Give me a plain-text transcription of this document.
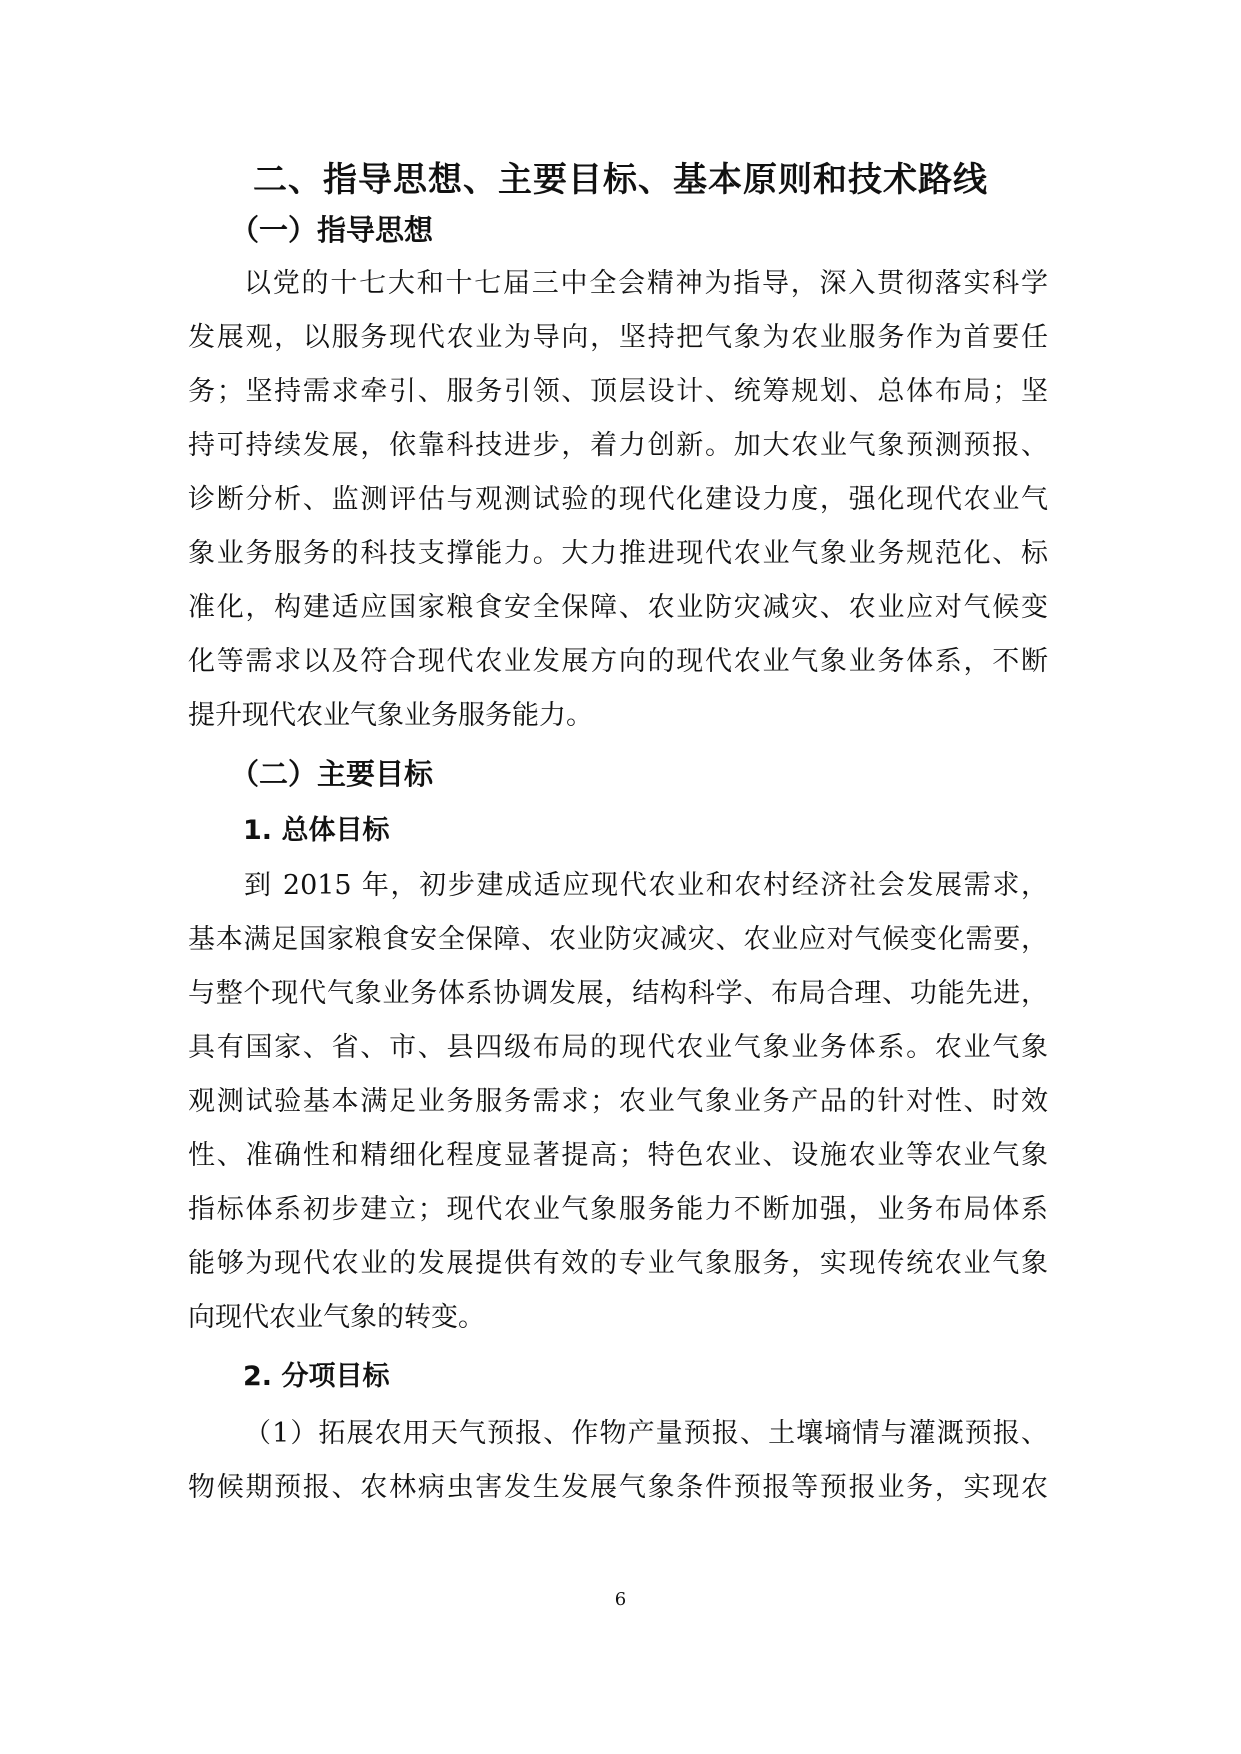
二、指导思想、主要目标、基本原则和技术路线
（一）指导思想

以党的十七大和十七届三中全会精神为指导，深入贯彻落实科学

发展观，以服务现代农业为导向，坚持把气象为农业服务作为首要任

务；坚持需求牵引、服务引领、顶层设计、统筹规划、总体布局；坚

持可持续发展，依靠科技进步，着力创新。加大农业气象预测预报、

诊断分析、监测评估与观测试验的现代化建设力度，强化现代农业气

象业务服务的科技支撑能力。大力推进现代农业气象业务规范化、标

准化，构建适应国家粮食安全保障、农业防灾减灾、农业应对气候变

化等需求以及符合现代农业发展方向的现代农业气象业务体系，不断

提升现代农业气象业务服务能力。

（二）主要目标
1. 总体目标

到 2015 年，初步建成适应现代农业和农村经济社会发展需求，

基本满足国家粮食安全保障、农业防灾减灾、农业应对气候变化需要，

与整个现代气象业务体系协调发展，结构科学、布局合理、功能先进，

具有国家、省、市、县四级布局的现代农业气象业务体系。农业气象

观测试验基本满足业务服务需求；农业气象业务产品的针对性、时效

性、准确性和精细化程度显著提高；特色农业、设施农业等农业气象

指标体系初步建立；现代农业气象服务能力不断加强，业务布局体系

能够为现代农业的发展提供有效的专业气象服务，实现传统农业气象

向现代农业气象的转变。

2. 分项目标

（1）拓展农用天气预报、作物产量预报、土壤墒情与灌溉预报、

物候期预报、农林病虫害发生发展气象条件预报等预报业务，实现农

6
